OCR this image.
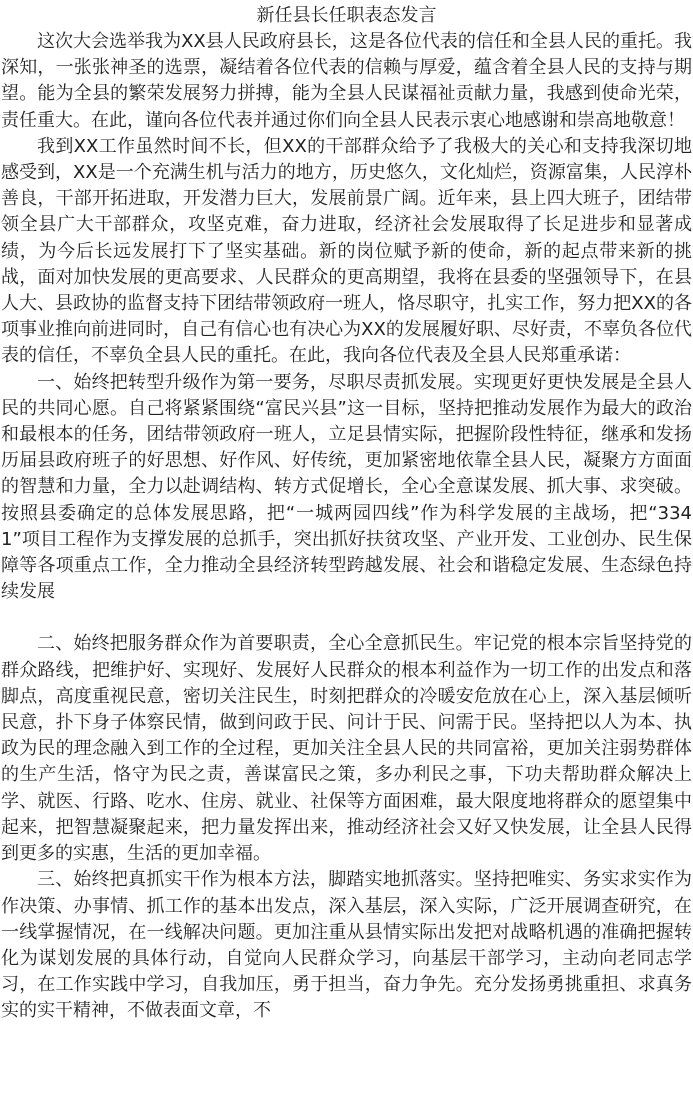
新任县长任职表态发言

这次大会选举我为XX县人民政府县长，这是各位代表的信任和全县人民的重托。我深知，一张张神圣的选票，凝结着各位代表的信赖与厚爱，蕴含着全县人民的支持与期望。能为全县的繁荣发展努力拼搏，能为全县人民谋福祉贡献力量，我感到使命光荣，责任重大。在此，谨向各位代表并通过你们向全县人民表示衷心地感谢和崇高地敬意！

我到XX工作虽然时间不长，但XX的干部群众给予了我极大的关心和支持我深切地感受到，XX是一个充满生机与活力的地方，历史悠久，文化灿烂，资源富集，人民淳朴善良，干部开拓进取，开发潜力巨大，发展前景广阔。近年来，县上四大班子，团结带领全县广大干部群众，攻坚克难，奋力进取，经济社会发展取得了长足进步和显著成绩，为今后长远发展打下了坚实基础。新的岗位赋予新的使命，新的起点带来新的挑战，面对加快发展的更高要求、人民群众的更高期望，我将在县委的坚强领导下，在县人大、县政协的监督支持下团结带领政府一班人，恪尽职守，扎实工作，努力把XX的各项事业推向前进同时，自己有信心也有决心为XX的发展履好职、尽好责，不辜负各位代表的信任，不辜负全县人民的重托。在此，我向各位代表及全县人民郑重承诺：

一、始终把转型升级作为第一要务，尽职尽责抓发展。实现更好更快发展是全县人民的共同心愿。自己将紧紧围绕“富民兴县”这一目标，坚持把推动发展作为最大的政治和最根本的任务，团结带领政府一班人，立足县情实际，把握阶段性特征，继承和发扬历届县政府班子的好思想、好作风、好传统，更加紧密地依靠全县人民，凝聚方方面面的智慧和力量，全力以赴调结构、转方式促增长，全心全意谋发展、抓大事、求突破。按照县委确定的总体发展思路，把“一城两园四线”作为科学发展的主战场，把“3341”项目工程作为支撑发展的总抓手，突出抓好扶贫攻坚、产业开发、工业创办、民生保障等各项重点工作，全力推动全县经济转型跨越发展、社会和谐稳定发展、生态绿色持续发展

二、始终把服务群众作为首要职责，全心全意抓民生。牢记党的根本宗旨坚持党的群众路线，把维护好、实现好、发展好人民群众的根本利益作为一切工作的出发点和落脚点，高度重视民意，密切关注民生，时刻把群众的冷暖安危放在心上，深入基层倾听民意，扑下身子体察民情，做到问政于民、问计于民、问需于民。坚持把以人为本、执政为民的理念融入到工作的全过程，更加关注全县人民的共同富裕，更加关注弱势群体的生产生活，恪守为民之责，善谋富民之策，多办利民之事，下功夫帮助群众解决上学、就医、行路、吃水、住房、就业、社保等方面困难，最大限度地将群众的愿望集中起来，把智慧凝聚起来，把力量发挥出来，推动经济社会又好又快发展，让全县人民得到更多的实惠，生活的更加幸福。

三、始终把真抓实干作为根本方法，脚踏实地抓落实。坚持把唯实、务实求实作为作决策、办事情、抓工作的基本出发点，深入基层，深入实际，广泛开展调查研究，在一线掌握情况，在一线解决问题。更加注重从县情实际出发把对战略机遇的准确把握转化为谋划发展的具体行动，自觉向人民群众学习，向基层干部学习，主动向老同志学习，在工作实践中学习，自我加压，勇于担当，奋力争先。充分发扬勇挑重担、求真务实的实干精神，不做表面文章，不
